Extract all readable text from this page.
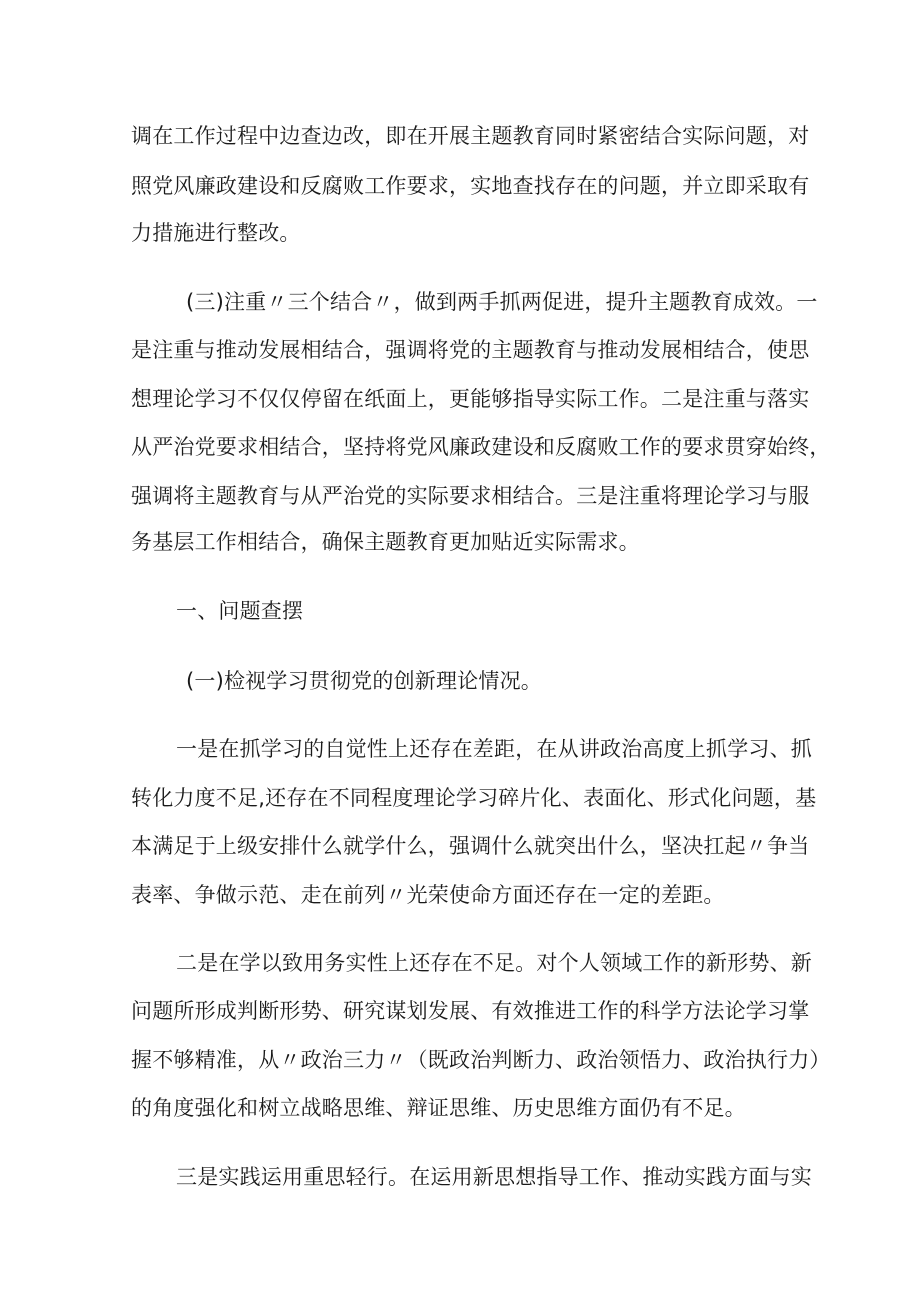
调在工作过程中边查边改，即在开展主题教育同时紧密结合实际问题，对
照党风廉政建设和反腐败工作要求，实地查找存在的问题，并立即采取有
力措施进行整改。
(三)注重〃三个结合〃，做到两手抓两促进，提升主题教育成效。一
是注重与推动发展相结合，强调将党的主题教育与推动发展相结合，使思
想理论学习不仅仅停留在纸面上，更能够指导实际工作。二是注重与落实
从严治党要求相结合，坚持将党风廉政建设和反腐败工作的要求贯穿始终，
强调将主题教育与从严治党的实际要求相结合。三是注重将理论学习与服
务基层工作相结合，确保主题教育更加贴近实际需求。
一、问题查摆
(一)检视学习贯彻党的创新理论情况。
一是在抓学习的自觉性上还存在差距，在从讲政治高度上抓学习、抓
转化力度不足,还存在不同程度理论学习碎片化、表面化、形式化问题，基
本满足于上级安排什么就学什么，强调什么就突出什么，坚决扛起〃争当
表率、争做示范、走在前列〃光荣使命方面还存在一定的差距。
二是在学以致用务实性上还存在不足。对个人领域工作的新形势、新
问题所形成判断形势、研究谋划发展、有效推进工作的科学方法论学习掌
握不够精准，从〃政治三力〃（既政治判断力、政治领悟力、政治执行力）
的角度强化和树立战略思维、辩证思维、历史思维方面仍有不足。
三是实践运用重思轻行。在运用新思想指导工作、推动实践方面与实
